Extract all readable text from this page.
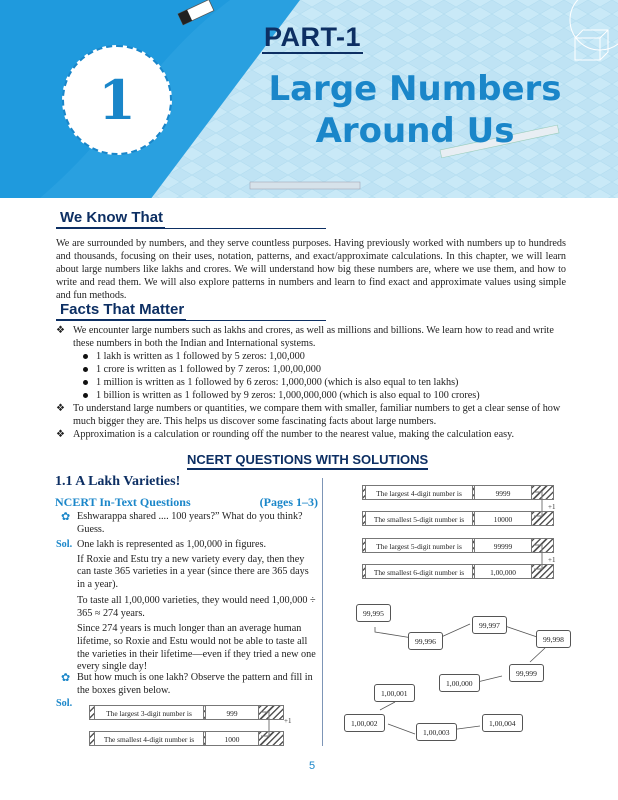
1
PART-1
Large Numbers
Around Us
We Know That
We are surrounded by numbers, and they serve countless purposes. Having previously worked with numbers up to hundreds and thousands, focusing on their uses, notation, patterns, and exact/approximate calculations. In this chapter, we will learn about large numbers like lakhs and crores. We will understand how big these numbers are, where we use them, and how to write and read them. We will also explore patterns in numbers and learn to find exact and approximate values using simple and fun methods.
Facts That Matter
❖ We encounter large numbers such as lakhs and crores, as well as millions and billions. We learn how to read and write these numbers in both the Indian and International systems.
1 lakh is written as 1 followed by 5 zeros: 1,00,000
1 crore is written as 1 followed by 7 zeros: 1,00,00,000
1 million is written as 1 followed by 6 zeros: 1,000,000 (which is also equal to ten lakhs)
1 billion is written as 1 followed by 9 zeros: 1,000,000,000 (which is also equal to 100 crores)
❖ To understand large numbers or quantities, we compare them with smaller, familiar numbers to get a clear sense of how much bigger they are. This helps us discover some fascinating facts about large numbers.
❖ Approximation is a calculation or rounding off the number to the nearest value, making the calculation easy.
NCERT QUESTIONS WITH SOLUTIONS
1.1 A Lakh Varieties!
NCERT In-Text Questions	(Pages 1–3)
✿ Eshwarappa shared .... 100 years?” What do you think? Guess.
Sol. One lakh is represented as 1,00,000 in figures.
If Roxie and Estu try a new variety every day, then they can taste 365 varieties in a year (since there are 365 days in a year).
To taste all 1,00,000 varieties, they would need 1,00,000 ÷ 365 ≈ 274 years.
Since 274 years is much longer than an average human lifetime, so Roxie and Estu would not be able to taste all the varieties in their lifetime—even if they tried a new one every single day!
✿ But how much is one lakh? Observe the pattern and fill in the boxes given below.
Sol.
The largest 3-digit number is	999
The smallest 4-digit number is	1000
+1
The largest 4-digit number is	9999
The smallest 5-digit number is	10000
+1
The largest 5-digit number is	99999
The smallest 6-digit number is	1,00,000
+1
99,995
99,996
99,997
99,998
99,999
1,00,000
1,00,001
1,00,002
1,00,003
1,00,004
5
